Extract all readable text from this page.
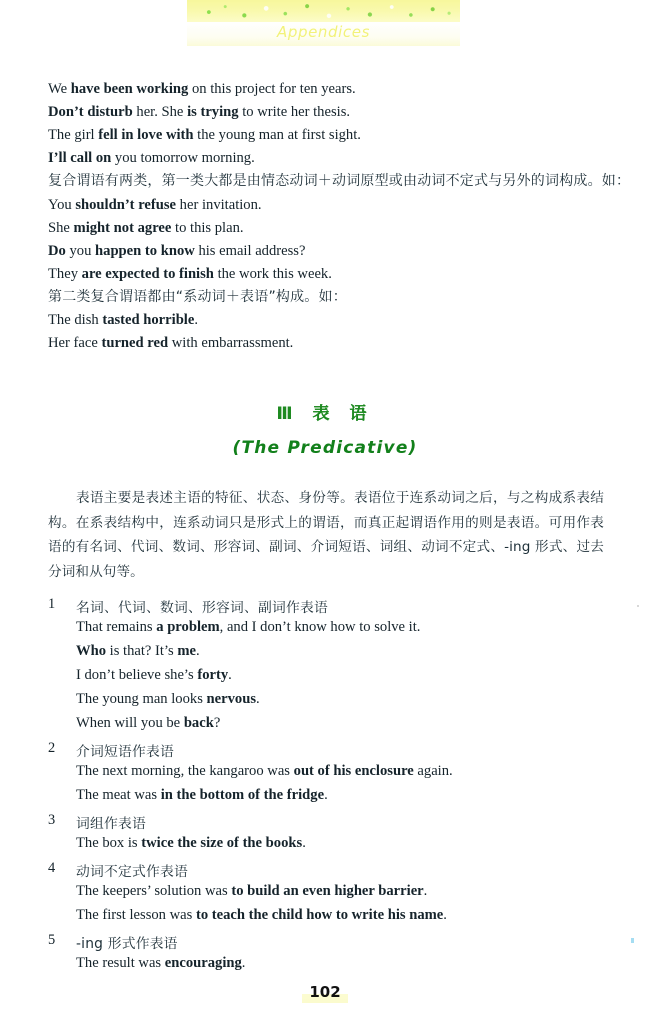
Appendices
We have been working on this project for ten years.
Don’t disturb her. She is trying to write her thesis.
The girl fell in love with the young man at first sight.
I’ll call on you tomorrow morning.
复合谓语有两类，第一类大都是由情态动词＋动词原型或由动词不定式与另外的词构成。如：
You shouldn’t refuse her invitation.
She might not agree to this plan.
Do you happen to know his email address?
They are expected to finish the work this week.
第二类复合谓语都由“系动词＋表语”构成。如：
The dish tasted horrible.
Her face turned red with embarrassment.
Ⅲ 表 语
(The Predicative)
表语主要是表述主语的特征、状态、身份等。表语位于连系动词之后，与之构成系表结构。在系表结构中，连系动词只是形式上的谓语，而真正起谓语作用的则是表语。可用作表语的有名词、代词、数词、形容词、副词、介词短语、词组、动词不定式、-ing 形式、过去分词和从句等。
1 名词、代词、数词、形容词、副词作表语
That remains a problem, and I don’t know how to solve it.
Who is that? It’s me.
I don’t believe she’s forty.
The young man looks nervous.
When will you be back?
2 介词短语作表语
The next morning, the kangaroo was out of his enclosure again.
The meat was in the bottom of the fridge.
3 词组作表语
The box is twice the size of the books.
4 动词不定式作表语
The keepers’ solution was to build an even higher barrier.
The first lesson was to teach the child how to write his name.
5 -ing 形式作表语
The result was encouraging.
102
